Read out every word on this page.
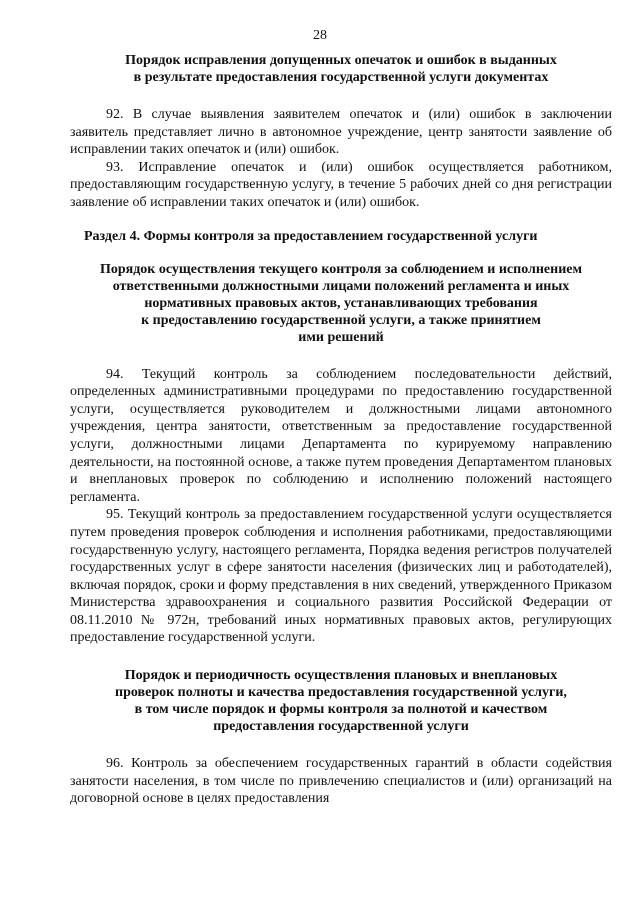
28
Порядок исправления допущенных опечаток и ошибок в выданных
в результате предоставления государственной услуги документах

92. В случае выявления заявителем опечаток и (или) ошибок в заключении заявитель представляет лично в автономное учреждение, центр занятости заявление об исправлении таких опечаток и (или) ошибок.

93. Исправление опечаток и (или) ошибок осуществляется работником, предоставляющим государственную услугу, в течение 5 рабочих дней со дня регистрации заявление об исправлении таких опечаток и (или) ошибок.

Раздел 4. Формы контроля за предоставлением государственной услуги

Порядок осуществления текущего контроля за соблюдением и исполнением
ответственными должностными лицами положений регламента и иных
нормативных правовых актов, устанавливающих требования
к предоставлению государственной услуги, а также принятием
ими решений

94. Текущий контроль за соблюдением последовательности действий, определенных административными процедурами по предоставлению государственной услуги, осуществляется руководителем и должностными лицами автономного учреждения, центра занятости, ответственным за предоставление государственной услуги, должностными лицами Департамента по курируемому направлению деятельности, на постоянной основе, а также путем проведения Департаментом плановых и внеплановых проверок по соблюдению и исполнению положений настоящего регламента.

95. Текущий контроль за предоставлением государственной услуги осуществляется путем проведения проверок соблюдения и исполнения работниками, предоставляющими государственную услугу, настоящего регламента, Порядка ведения регистров получателей государственных услуг в сфере занятости населения (физических лиц и работодателей), включая порядок, сроки и форму представления в них сведений, утвержденного Приказом Министерства здравоохранения и социального развития Российской Федерации от 08.11.2010 № 972н, требований иных нормативных правовых актов, регулирующих предоставление государственной услуги.

Порядок и периодичность осуществления плановых и внеплановых
проверок полноты и качества предоставления государственной услуги,
в том числе порядок и формы контроля за полнотой и качеством
предоставления государственной услуги

96. Контроль за обеспечением государственных гарантий в области содействия занятости населения, в том числе по привлечению специалистов и (или) организаций на договорной основе в целях предоставления
